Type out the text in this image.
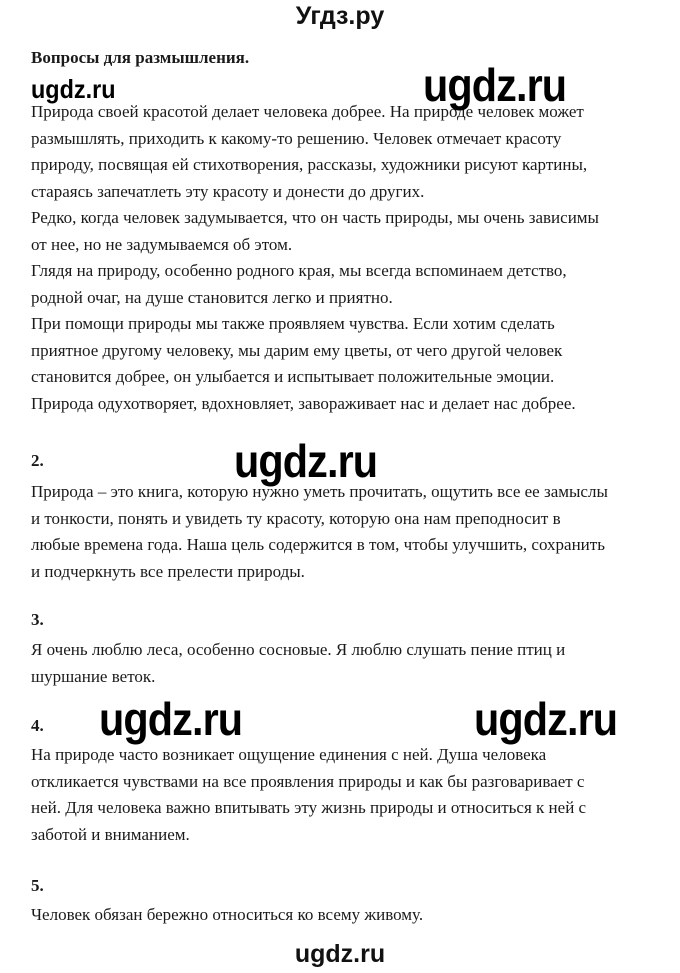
Угдз.ру
Вопросы для размышления.
Природа своей красотой делает человека добрее. На природе человек может
размышлять, приходить к какому-то решению. Человек отмечает красоту
природу, посвящая ей стихотворения, рассказы, художники рисуют картины,
стараясь запечатлеть эту красоту и донести до других.
Редко, когда человек задумывается, что он часть природы, мы очень зависимы
от нее, но не задумываемся об этом.
Глядя на природу, особенно родного края, мы всегда вспоминаем детство,
родной очаг, на душе становится легко и приятно.
При помощи природы мы также проявляем чувства. Если хотим сделать
приятное другому человеку, мы дарим ему цветы, от чего другой человек
становится добрее, он улыбается и испытывает положительные эмоции.
Природа одухотворяет, вдохновляет, завораживает нас и делает нас добрее.
2.
Природа – это книга, которую нужно уметь прочитать, ощутить все ее замыслы
и тонкости, понять и увидеть ту красоту, которую она нам преподносит в
любые времена года. Наша цель содержится в том, чтобы улучшить, сохранить
и подчеркнуть все прелести природы.
3.
Я очень люблю леса, особенно сосновые. Я люблю слушать пение птиц и
шуршание веток.
4.
На природе часто возникает ощущение единения с ней. Душа человека
откликается чувствами на все проявления природы и как бы разговаривает с
ней. Для человека важно впитывать эту жизнь природы и относиться к ней с
заботой и вниманием.
5.
Человек обязан бережно относиться ко всему живому.
ugdz.ru	ugdz.ru
ugdz.ru
ugdz.ru	ugdz.ru
ugdz.ru
